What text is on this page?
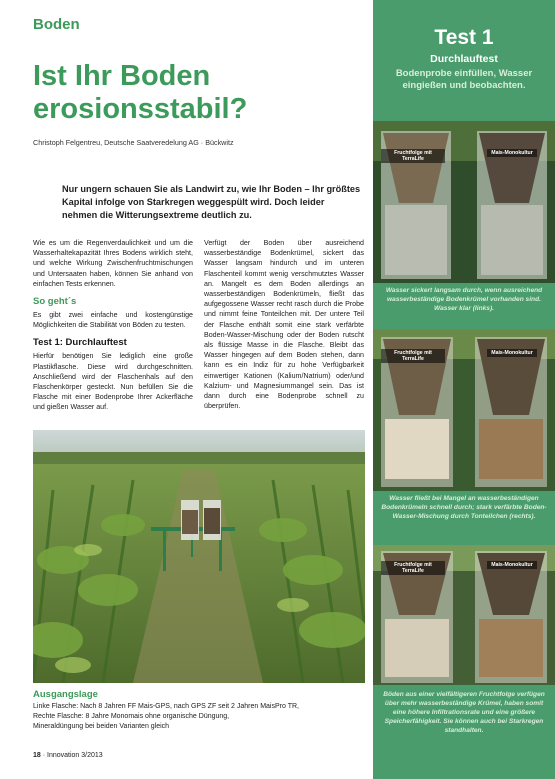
Boden
Ist Ihr Boden
erosionsstabil?
Christoph Felgentreu, Deutsche Saatveredelung AG · Bückwitz
Nur ungern schauen Sie als Landwirt zu, wie Ihr Boden – Ihr größtes Kapital infolge von Starkregen weggespült wird. Doch leider nehmen die Witterungsextreme deutlich zu.

Wie es um die Regenverdaulichkeit und um die Wasserhaltekapazität Ihres Bodens wirklich steht, und welche Wirkung Zwischenfruchtmischungen und Untersaaten haben, können Sie anhand von einfachen Tests erkennen.

So geht´s

Es gibt zwei einfache und kostengünstige Möglichkeiten die Stabilität von Böden zu testen.

Test 1: Durchlauftest

Hierfür benötigen Sie lediglich eine große Plastikflasche. Diese wird durchgeschnitten. Anschließend wird der Flaschenhals auf den Flaschenkörper gesteckt. Nun befüllen Sie die Flasche mit einer Bodenprobe Ihrer Ackerfläche und gießen Wasser auf.

Verfügt der Boden über ausreichend wasserbeständige Bodenkrümel, sickert das Wasser langsam hindurch und im unteren Flaschenteil kommt wenig verschmutztes Wasser an. Mangelt es dem Boden allerdings an wasserbeständigen Bodenkrümeln, fließt das aufgegossene Wasser recht rasch durch die Probe und nimmt feine Tonteilchen mit. Der untere Teil der Flasche enthält somit eine stark verfärbte Boden-Wasser-Mischung oder der Boden rutscht als flüssige Masse in die Flasche. Bleibt das Wasser hingegen auf dem Boden stehen, dann kann es ein Indiz für zu hohe Verfügbarkeit einwertiger Kationen (Kalium/Natrium) oder/und Kalzium- und Magnesiummangel sein. Das ist dann durch eine Bodenprobe schnell zu überprüfen.

Ausgangslage
Linke Flasche: Nach 8 Jahren FF Mais-GPS, nach GPS ZF seit 2 Jahren MaisPro TR,
Rechte Flasche: 8 Jahre Monomais ohne organische Düngung,
Mineraldüngung bei beiden Varianten gleich
18 · Innovation 3/2013
Test 1
Durchlauftest
Bodenprobe einfüllen, Wasser eingießen und beobachten.
Fruchtfolge mit TerraLife
Mais-Monokultur
Wasser sickert langsam durch, wenn ausreichend wasserbeständige Bodenkrümel vorhanden sind. Wasser klar (links).
Fruchtfolge mit TerraLife
Mais-Monokultur
Wasser fließt bei Mangel an wasserbeständigen Bodenkrümeln schnell durch; stark verfärbte Boden-Wasser-Mischung durch Tonteilchen (rechts).
Fruchtfolge mit TerraLife
Mais-Monokultur
Böden aus einer vielfältigeren Fruchtfolge verfügen über mehr wasserbeständige Krümel, haben somit eine höhere Infiltrationsrate und eine größere Speicherfähigkeit. Sie können auch bei Starkregen standhalten.
